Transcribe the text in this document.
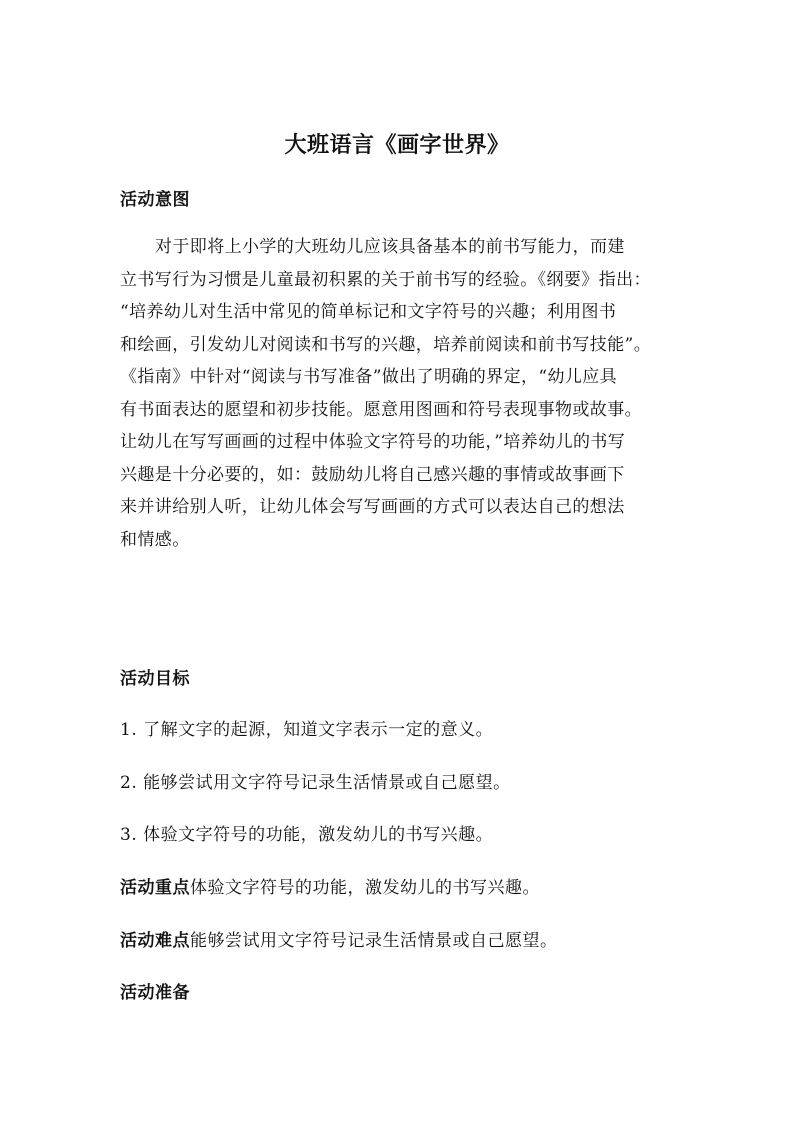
大班语言《画字世界》
活动意图

对于即将上小学的大班幼儿应该具备基本的前书写能力，而建
立书写行为习惯是儿童最初积累的关于前书写的经验。《纲要》指出：
“培养幼儿对生活中常见的简单标记和文字符号的兴趣；利用图书
和绘画，引发幼儿对阅读和书写的兴趣，培养前阅读和前书写技能”。
《指南》中针对“阅读与书写准备”做出了明确的界定，“幼儿应具
有书面表达的愿望和初步技能。愿意用图画和符号表现事物或故事。
让幼儿在写写画画的过程中体验文字符号的功能，”培养幼儿的书写
兴趣是十分必要的，如：鼓励幼儿将自己感兴趣的事情或故事画下
来并讲给别人听，让幼儿体会写写画画的方式可以表达自己的想法
和情感。

活动目标

1. 了解文字的起源，知道文字表示一定的意义。

2. 能够尝试用文字符号记录生活情景或自己愿望。

3. 体验文字符号的功能，激发幼儿的书写兴趣。

活动重点体验文字符号的功能，激发幼儿的书写兴趣。

活动难点能够尝试用文字符号记录生活情景或自己愿望。

活动准备
